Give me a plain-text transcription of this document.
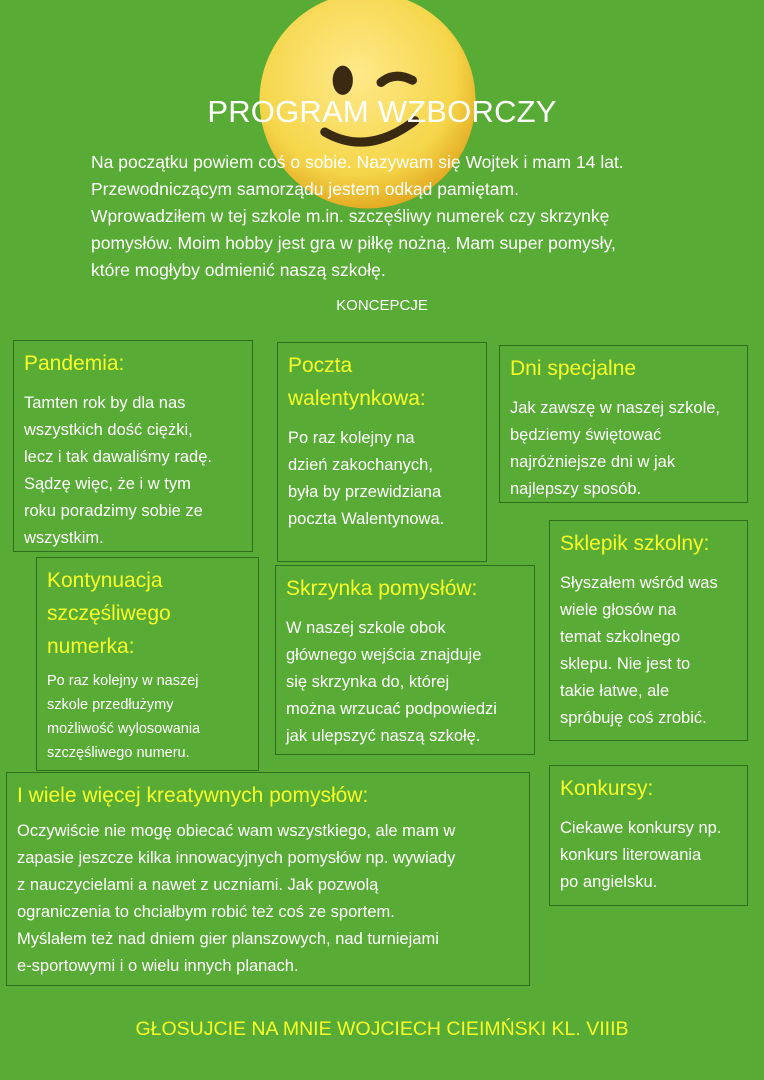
PROGRAM WZBORCZY
Na początku powiem coś o sobie. Nazywam się Wojtek i mam 14 lat.
Przewodniczącym samorządu jestem odkąd pamiętam.
Wprowadziłem w tej szkole m.in. szczęśliwy numerek czy skrzynkę
pomysłów. Moim hobby jest gra w piłkę nożną. Mam super pomysły,
które mogłyby odmienić naszą szkołę.
KONCEPCJE
Pandemia:

Tamten rok by dla nas
wszystkich dość ciężki,
lecz i tak dawaliśmy radę.
Sądzę więc, że i w tym
roku poradzimy sobie ze
wszystkim.

Poczta
walentynkowa:

Po raz kolejny na
dzień zakochanych,
była by przewidziana
poczta Walentynowa.

Dni specjalne

Jak zawszę w naszej szkole,
będziemy świętować
najróżniejsze dni w jak
najlepszy sposób.

Sklepik szkolny:

Słyszałem wśród was
wiele głosów na
temat szkolnego
sklepu. Nie jest to
takie łatwe, ale
spróbuję coś zrobić.

Kontynuacja
szczęśliwego
numerka:

Po raz kolejny w naszej
szkole przedłużymy
możliwość wylosowania
szczęśliwego numeru.

Skrzynka pomysłów:

W naszej szkole obok
głównego wejścia znajduje
się skrzynka do, której
można wrzucać podpowiedzi
jak ulepszyć naszą szkołę.

I wiele więcej kreatywnych pomysłów:

Oczywiście nie mogę obiecać wam wszystkiego, ale mam w
zapasie jeszcze kilka innowacyjnych pomysłów np. wywiady
z nauczycielami a nawet z uczniami. Jak pozwolą
ograniczenia to chciałbym robić też coś ze sportem.
Myślałem też nad dniem gier planszowych, nad turniejami
e-sportowymi i o wielu innych planach.

Konkursy:

Ciekawe konkursy np.
konkurs literowania
po angielsku.

GŁOSUJCIE NA MNIE WOJCIECH CIEIMŃSKI KL. VIIIB
